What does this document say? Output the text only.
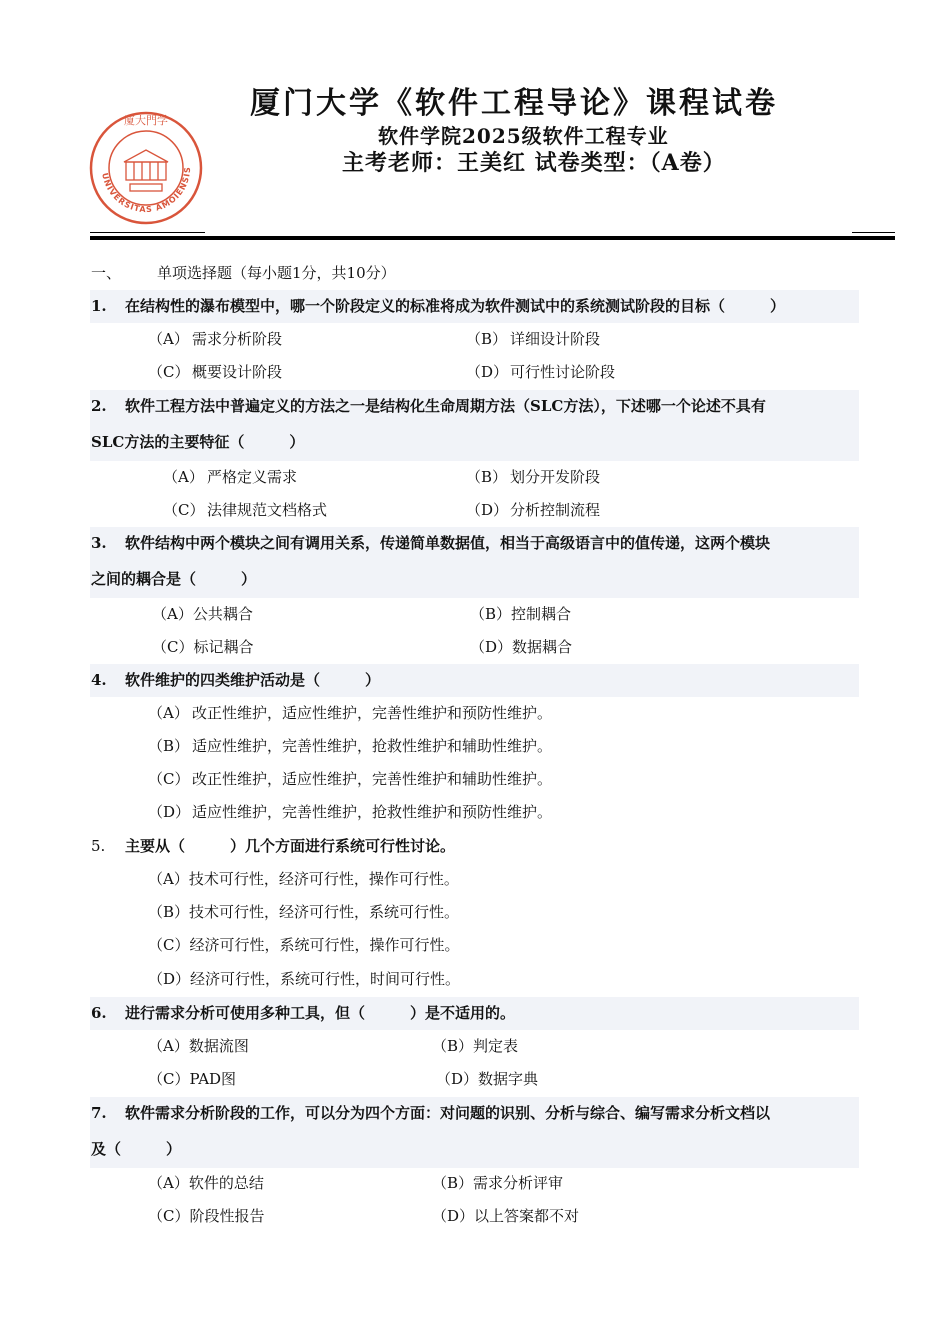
厦大門学
UNIVERSITAS AMOIENSIS
厦门大学《软件工程导论》课程试卷
软件学院2025级软件工程专业
主考老师：王美红 试卷类型：（A卷）
一、 单项选择题（每小题1分，共10分）
1. 在结构性的瀑布模型中，哪一个阶段定义的标准将成为软件测试中的系统测试阶段的目标（　　　）
（A） 需求分析阶段	（B） 详细设计阶段
（C） 概要设计阶段	（D） 可行性讨论阶段
2. 软件工程方法中普遍定义的方法之一是结构化生命周期方法（SLC方法），下述哪一个论述不具有
SLC方法的主要特征（　　　）
（A） 严格定义需求	（B） 划分开发阶段
（C） 法律规范文档格式	（D） 分析控制流程
3. 软件结构中两个模块之间有调用关系，传递简单数据值，相当于高级语言中的值传递，这两个模块
之间的耦合是（　　　）
（A）公共耦合	（B）控制耦合
（C）标记耦合	（D）数据耦合
4. 软件维护的四类维护活动是（　　　）
（A） 改正性维护，适应性维护，完善性维护和预防性维护。
（B） 适应性维护，完善性维护，抢救性维护和辅助性维护。
（C） 改正性维护，适应性维护，完善性维护和辅助性维护。
（D） 适应性维护，完善性维护，抢救性维护和预防性维护。
5. 主要从（　　　）几个方面进行系统可行性讨论。
（A）技术可行性，经济可行性，操作可行性。
（B）技术可行性，经济可行性，系统可行性。
（C）经济可行性，系统可行性，操作可行性。
（D）经济可行性，系统可行性，时间可行性。
6. 进行需求分析可使用多种工具，但（　　　）是不适用的。
（A）数据流图	（B）判定表
（C）PAD图	（D）数据字典
7. 软件需求分析阶段的工作，可以分为四个方面：对问题的识别、分析与综合、编写需求分析文档以
及（　　　）
（A）软件的总结	（B）需求分析评审
（C）阶段性报告	（D）以上答案都不对
